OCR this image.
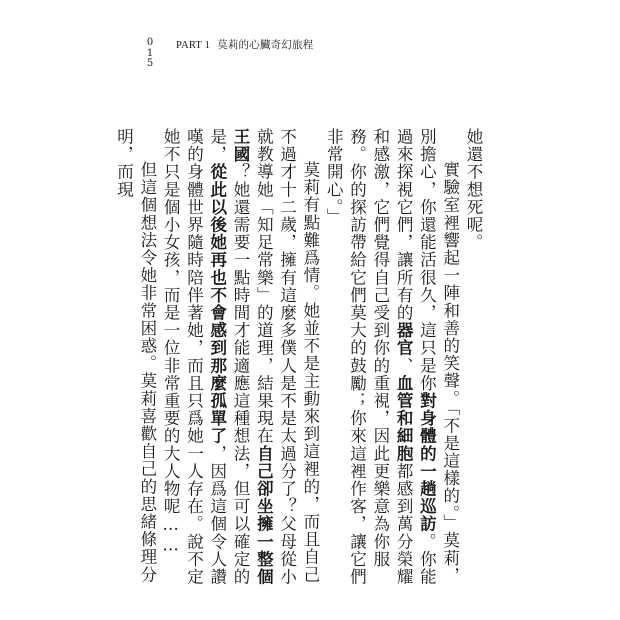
0
1
5
PART 1 莫莉的心臟奇幻旅程

她還不想死呢。

實驗室裡響起一陣和善的笑聲。「不是這樣的。」莫莉，別擔心，你還能活很久，這只是你對身體的一趟巡訪。你能過來探視它們，讓所有的器官、血管和細胞都感到萬分榮耀和感激，它們覺得自己受到你的重視，因此更樂意為你服務。你的探訪帶給它們莫大的鼓勵；你來這裡作客，讓它們非常開心。」

莫莉有點難爲情。她並不是主動來到這裡的，而且自己不過才十二歲，擁有這麼多僕人是不是太過分了？父母從小就教導她「知足常樂」的道理，結果現在自己卻坐擁一整個王國？她還需要一點時間才能適應這種想法，但可以確定的是，從此以後她再也不會感到那麼孤單了，因爲這個令人讚嘆的身體世界隨時陪伴著她，而且只爲她一人存在。說不定她不只是個小女孩，而是一位非常重要的大人物呢……

但這個想法令她非常困惑。莫莉喜歡自己的思緒條理分明，而現
